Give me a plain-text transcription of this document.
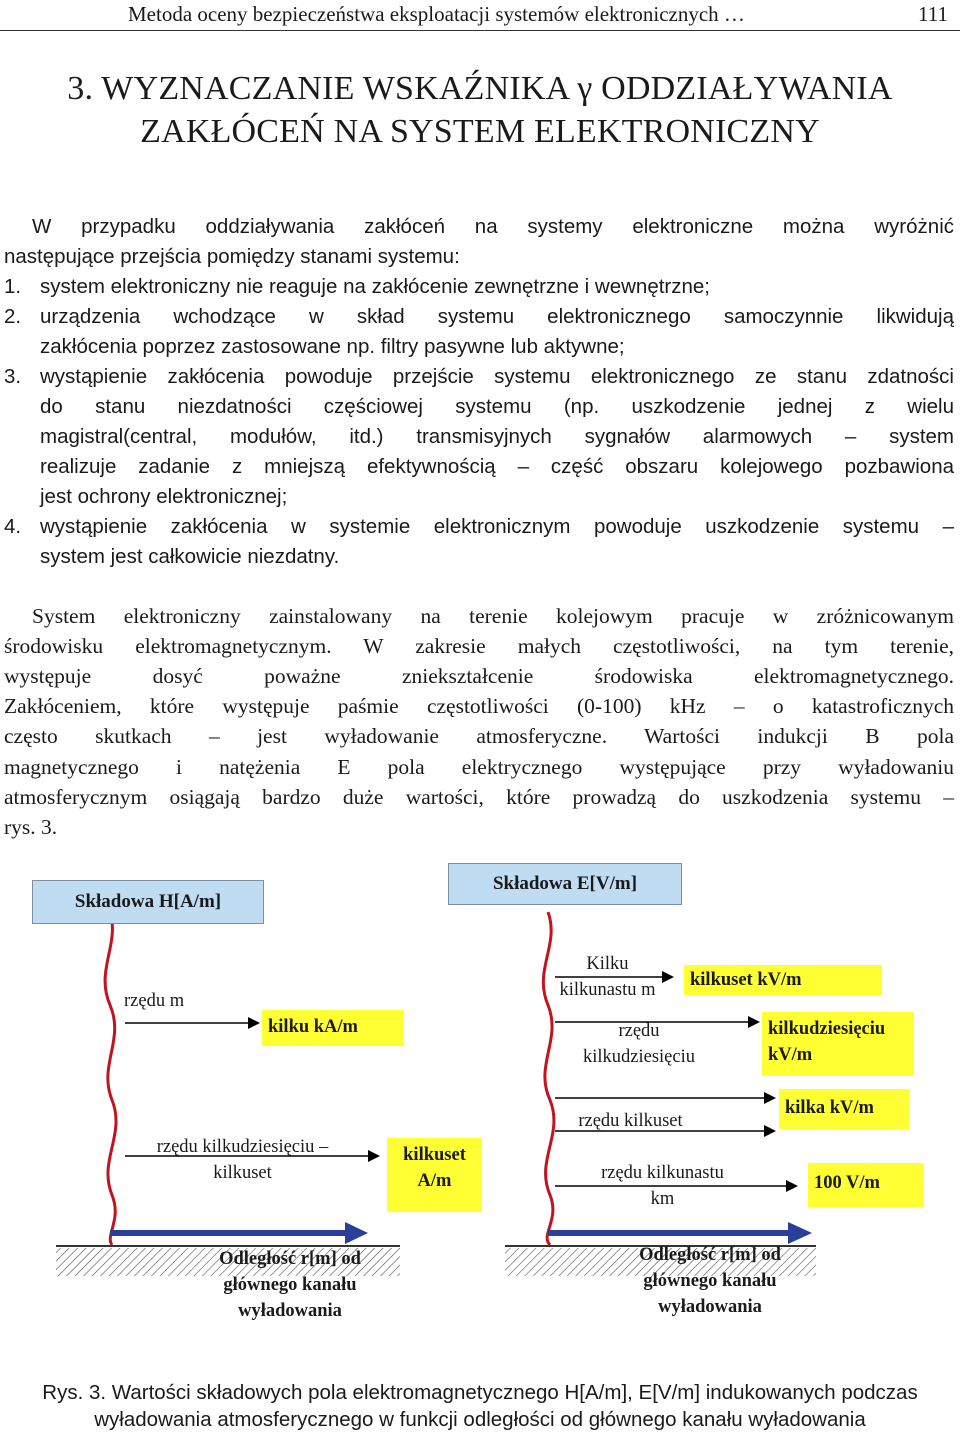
Metoda oceny bezpieczeństwa eksploatacji systemów elektronicznych …	111
3. WYZNACZANIE WSKAŹNIKA γ ODDZIAŁYWANIA
ZAKŁÓCEŃ NA SYSTEM ELEKTRONICZNY
W przypadku oddziaływania zakłóceń na systemy elektroniczne można wyróżnić
następujące przejścia pomiędzy stanami systemu:
1. system elektroniczny nie reaguje na zakłócenie zewnętrzne i wewnętrzne;
2. urządzenia wchodzące w skład systemu elektronicznego samoczynnie likwidują
zakłócenia poprzez zastosowane np. filtry pasywne lub aktywne;
3. wystąpienie zakłócenia powoduje przejście systemu elektronicznego ze stanu zdatności
do stanu niezdatności częściowej systemu (np. uszkodzenie jednej z wielu
magistral(central, modułów, itd.) transmisyjnych sygnałów alarmowych – system
realizuje zadanie z mniejszą efektywnością – część obszaru kolejowego pozbawiona
jest ochrony elektronicznej;
4. wystąpienie zakłócenia w systemie elektronicznym powoduje uszkodzenie systemu –
system jest całkowicie niezdatny.
System elektroniczny zainstalowany na terenie kolejowym pracuje w zróżnicowanym
środowisku elektromagnetycznym. W zakresie małych częstotliwości, na tym terenie,
występuje dosyć poważne zniekształcenie środowiska elektromagnetycznego.
Zakłóceniem, które występuje paśmie częstotliwości (0-100) kHz – o katastroficznych
często skutkach – jest wyładowanie atmosferyczne. Wartości indukcji B pola
magnetycznego i natężenia E pola elektrycznego występujące przy wyładowaniu
atmosferycznym osiągają bardzo duże wartości, które prowadzą do uszkodzenia systemu –
rys. 3.
Składowa H[A/m]
rzędu m
kilku kA/m
rzędu kilkudziesięciu –
kilkuset
kilkuset
A/m
Odległość r[m] od
głównego kanału
wyładowania
Składowa E[V/m]
Kilku
kilkunastu m	kilkuset kV/m
rzędu
kilkudziesięciu
kilkudziesięciu
kV/m
rzędu kilkuset
kilka kV/m
rzędu kilkunastu
km
100 V/m
Odległość r[m] od
głównego kanału
wyładowania
Rys. 3. Wartości składowych pola elektromagnetycznego H[A/m], E[V/m] indukowanych podczas
wyładowania atmosferycznego w funkcji odległości od głównego kanału wyładowania
